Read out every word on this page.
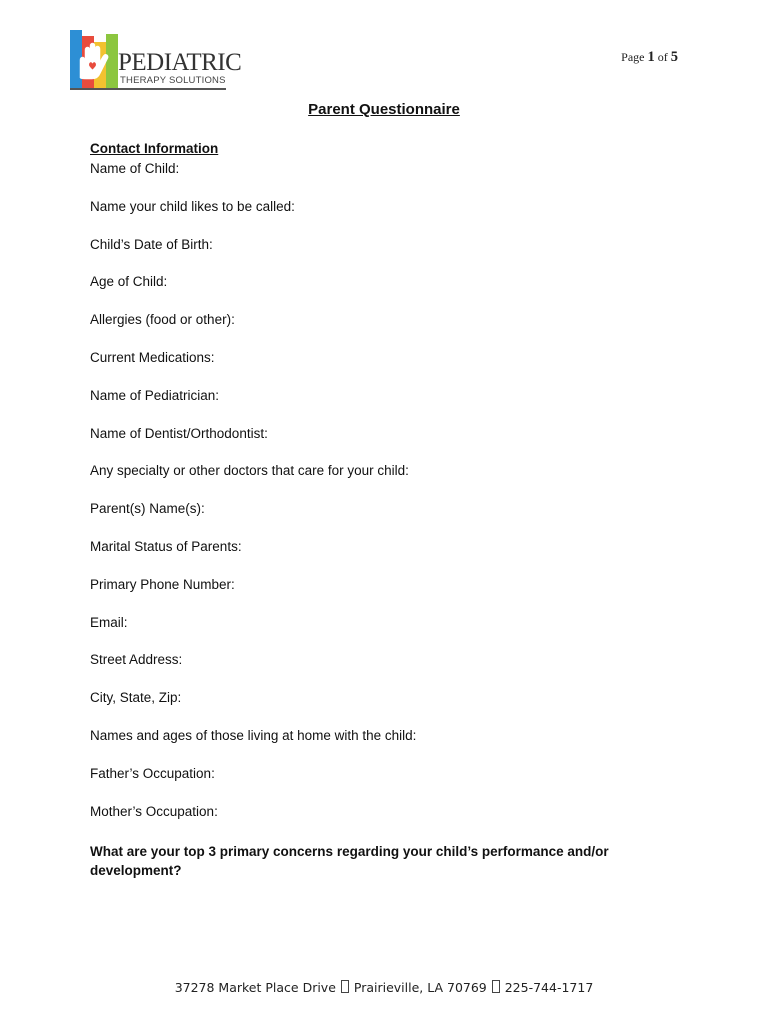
PEDIATRIC
THERAPY SOLUTIONS
Page 1 of 5
Parent Questionnaire
Contact Information
Name of Child:
Name your child likes to be called:
Child’s Date of Birth:
Age of Child:
Allergies (food or other):
Current Medications:
Name of Pediatrician:
Name of Dentist/Orthodontist:
Any specialty or other doctors that care for your child:
Parent(s) Name(s):
Marital Status of Parents:
Primary Phone Number:
Email:
Street Address:
City, State, Zip:
Names and ages of those living at home with the child:
Father’s Occupation:
Mother’s Occupation:
What are your top 3 primary concerns regarding your child’s performance and/or development?
37278 Market Place Drive Prairieville, LA 70769 225-744-1717
